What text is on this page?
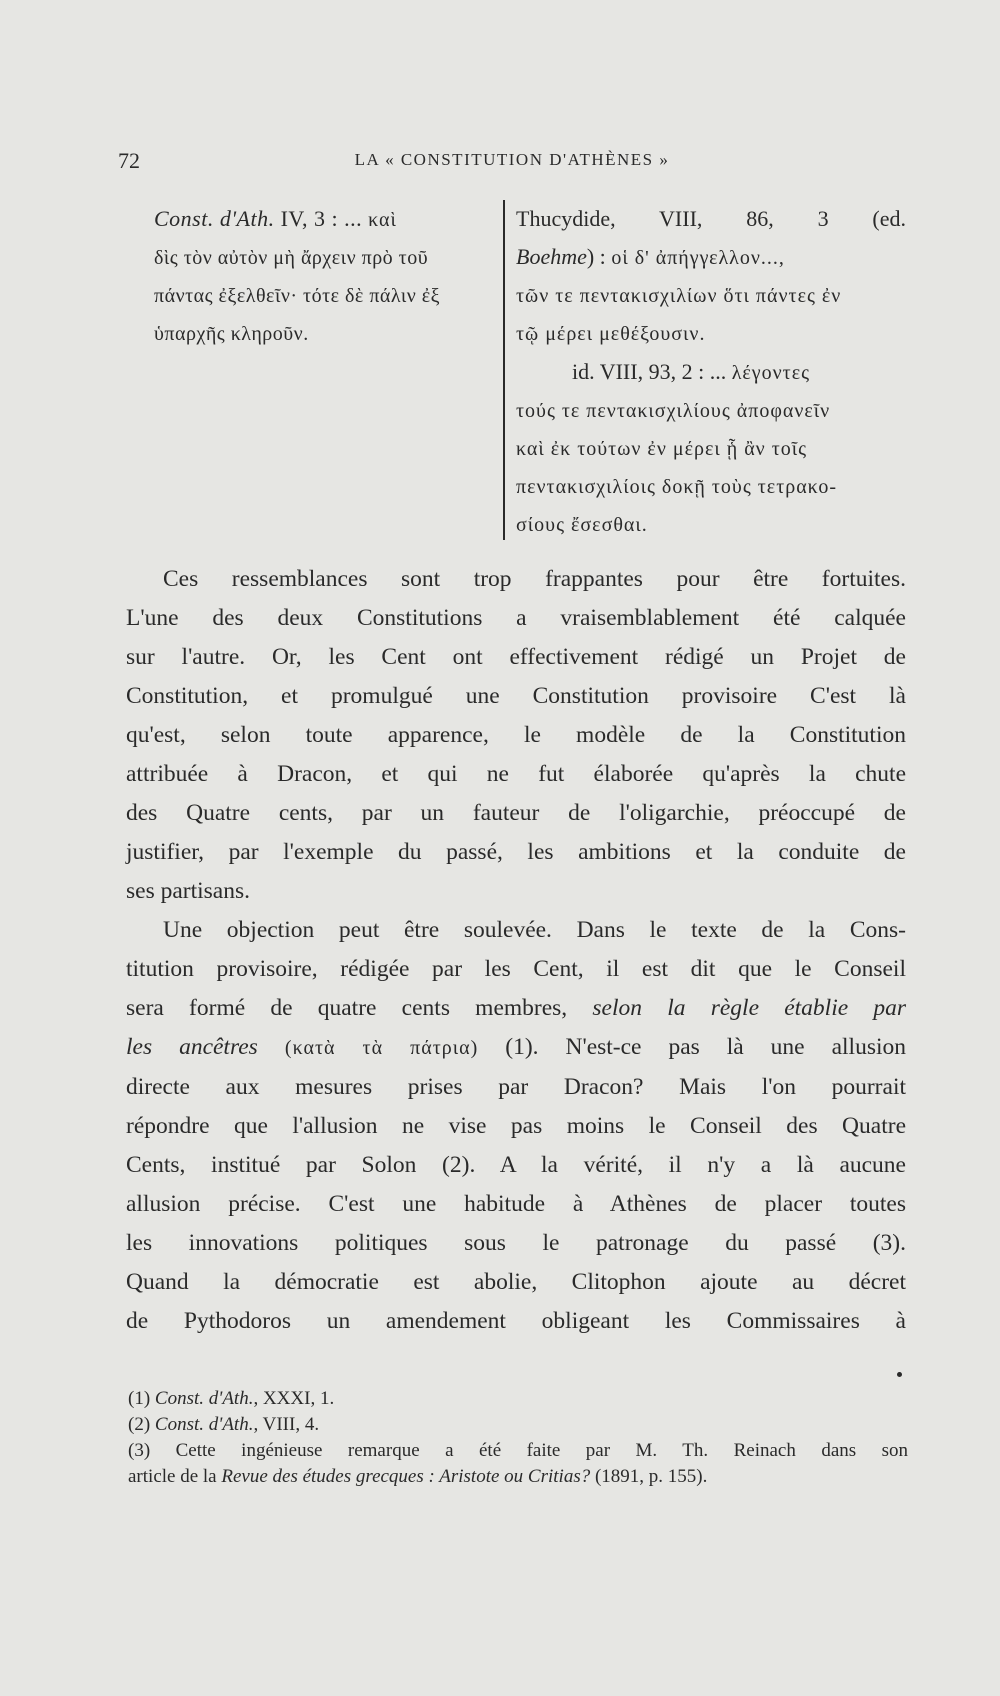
72	LA « CONSTITUTION D'ATHÈNES »
Const. d'Ath. IV, 3 : ... καὶ
δὶς τὸν αὐτὸν μὴ ἄρχειν πρὸ τοῦ
πάντας ἐξελθεῖν· τότε δὲ πάλιν ἐξ
ὑπαρχῆς κληροῦν.
Thucydide, VIII, 86, 3 (ed.
Boehme) : οἱ δ' ἀπήγγελλον...,
τῶν τε πεντακισχιλίων ὅτι πάντες ἐν
τῷ μέρει μεθέξουσιν.
id. VIII, 93, 2 : ... λέγοντες
τούς τε πεντακισχιλίους ἀποφανεῖν
καὶ ἐκ τούτων ἐν μέρει ᾗ ἂν τοῖς
πεντακισχιλίοις δοκῇ τοὺς τετρακο-
σίους ἔσεσθαι.
Ces ressemblances sont trop frappantes pour être fortuites.
L'une des deux Constitutions a vraisemblablement été calquée
sur l'autre. Or, les Cent ont effectivement rédigé un Projet de
Constitution, et promulgué une Constitution provisoire C'est là
qu'est, selon toute apparence, le modèle de la Constitution
attribuée à Dracon, et qui ne fut élaborée qu'après la chute
des Quatre cents, par un fauteur de l'oligarchie, préoccupé de
justifier, par l'exemple du passé, les ambitions et la conduite de
ses partisans.
Une objection peut être soulevée. Dans le texte de la Cons-
titution provisoire, rédigée par les Cent, il est dit que le Conseil
sera formé de quatre cents membres, selon la règle établie par
les ancêtres (κατὰ τὰ πάτρια) (1). N'est-ce pas là une allusion
directe aux mesures prises par Dracon? Mais l'on pourrait
répondre que l'allusion ne vise pas moins le Conseil des Quatre
Cents, institué par Solon (2). A la vérité, il n'y a là aucune
allusion précise. C'est une habitude à Athènes de placer toutes
les innovations politiques sous le patronage du passé (3).
Quand la démocratie est abolie, Clitophon ajoute au décret
de Pythodoros un amendement obligeant les Commissaires à
(1) Const. d'Ath., XXXI, 1.
(2) Const. d'Ath., VIII, 4.
(3) Cette ingénieuse remarque a été faite par M. Th. Reinach dans son
article de la Revue des études grecques : Aristote ou Critias? (1891, p. 155).
